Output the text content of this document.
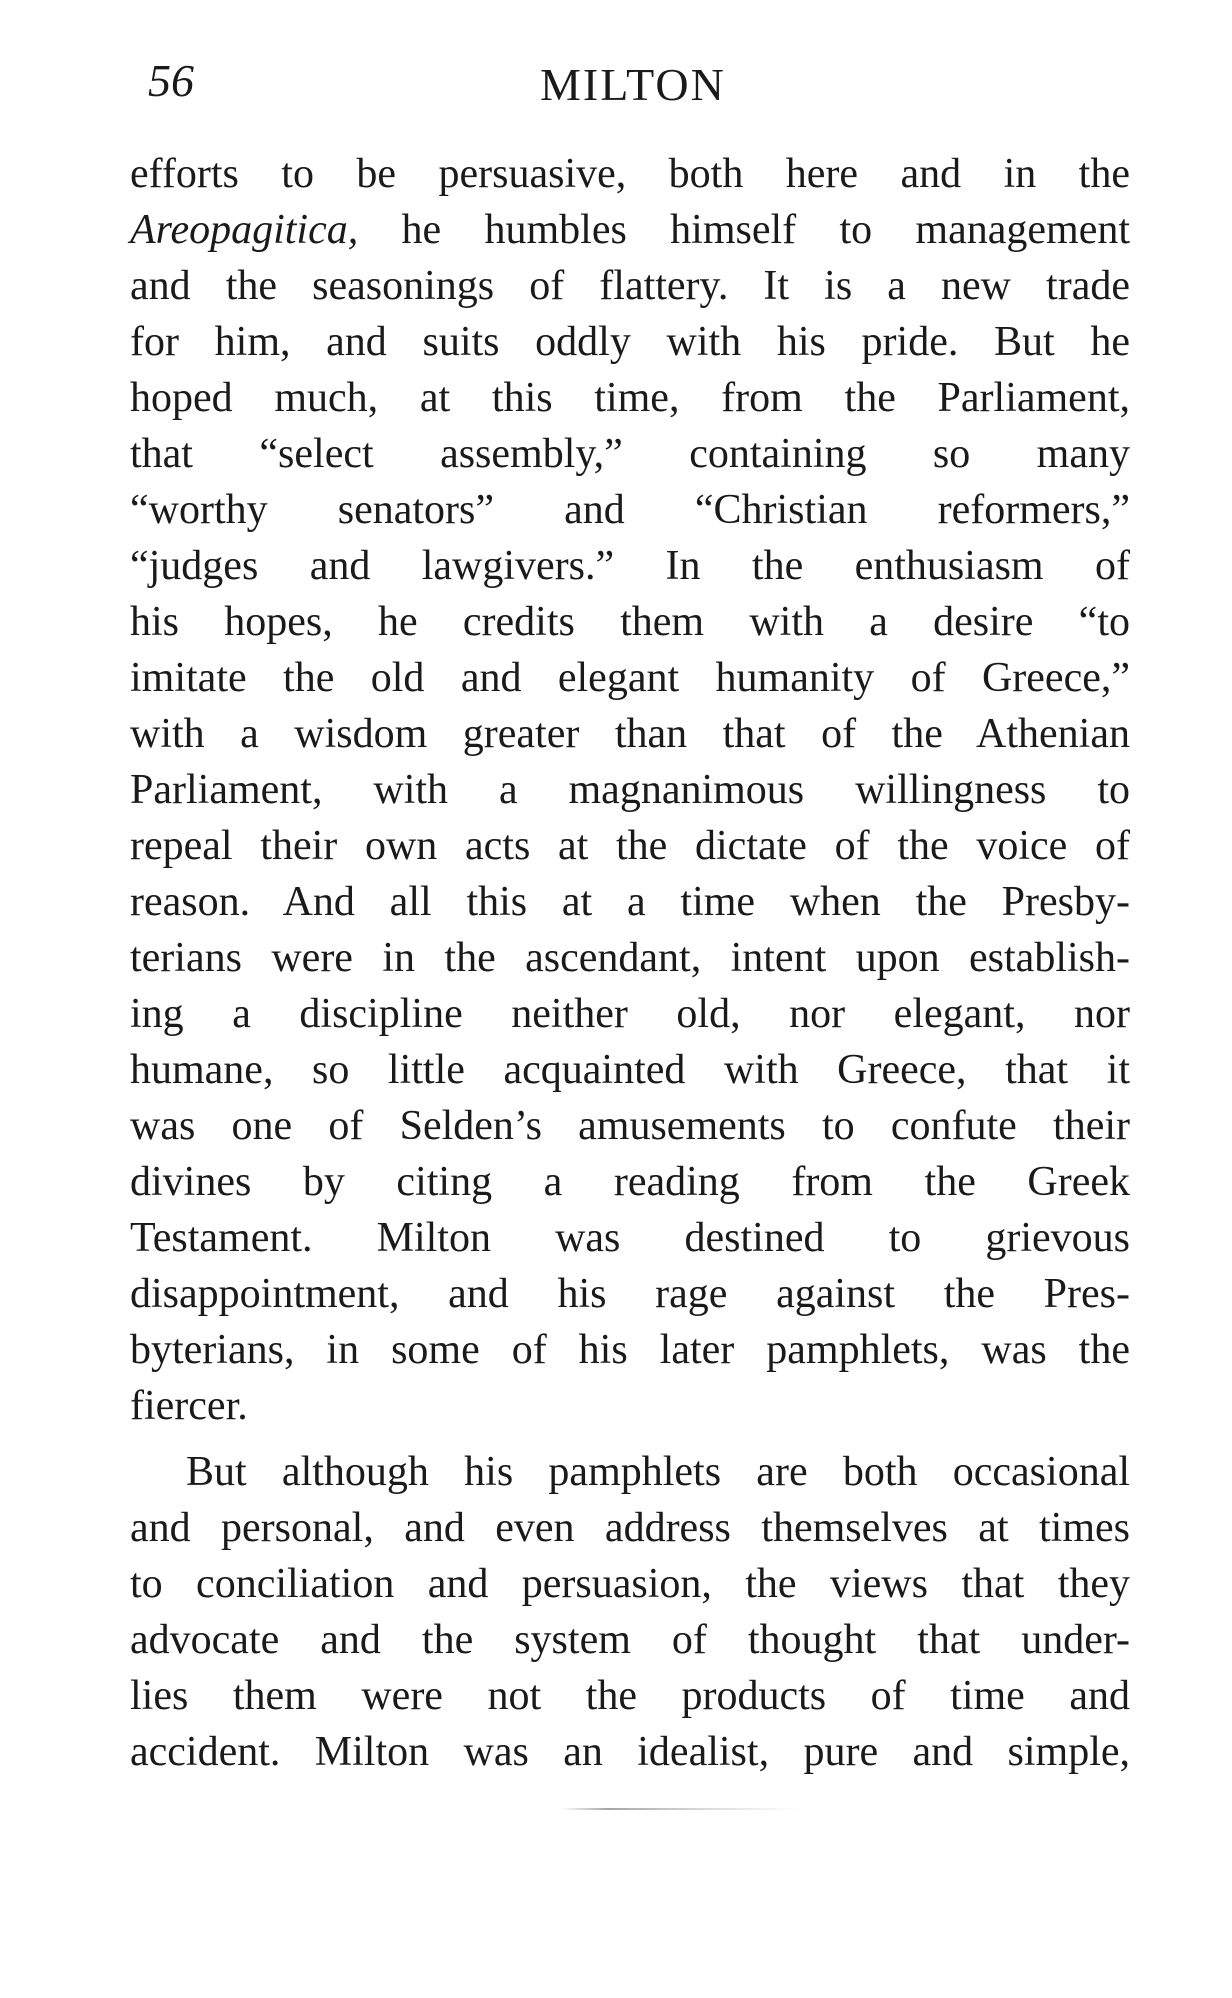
56	MILTON
efforts to be persuasive, both here and in the
Areopagitica, he humbles himself to management
and the seasonings of flattery. It is a new trade
for him, and suits oddly with his pride. But he
hoped much, at this time, from the Parliament,
that “select assembly,” containing so many
“worthy senators” and “Christian reformers,”
“judges and lawgivers.” In the enthusiasm of
his hopes, he credits them with a desire “to
imitate the old and elegant humanity of Greece,”
with a wisdom greater than that of the Athenian
Parliament, with a magnanimous willingness to
repeal their own acts at the dictate of the voice of
reason. And all this at a time when the Presby-
terians were in the ascendant, intent upon establish-
ing a discipline neither old, nor elegant, nor
humane, so little acquainted with Greece, that it
was one of Selden’s amusements to confute their
divines by citing a reading from the Greek
Testament. Milton was destined to grievous
disappointment, and his rage against the Pres-
byterians, in some of his later pamphlets, was the
fiercer.
But although his pamphlets are both occasional
and personal, and even address themselves at times
to conciliation and persuasion, the views that they
advocate and the system of thought that under-
lies them were not the products of time and
accident. Milton was an idealist, pure and simple,
